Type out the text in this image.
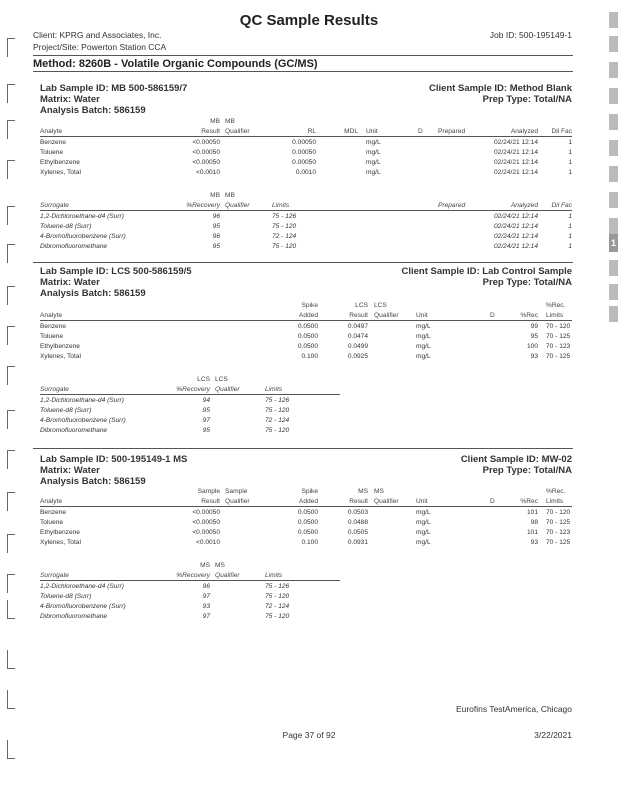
QC Sample Results
Client: KPRG and Associates, Inc.
Project/Site: Powerton Station CCA
Job ID: 500-195149-1
Method: 8260B - Volatile Organic Compounds (GC/MS)
1
Lab Sample ID: MB 500-586159/7
Matrix: Water
Analysis Batch: 586159
Client Sample ID: Method Blank
Prep Type: Total/NA
MB MB
Analyte	Result Qualifier	RL	MDL Unit	D Prepared	Analyzed	Dil Fac
Benzene	<0.00050	0.00050	mg/L	02/24/21 12:14	1
Toluene	<0.00050	0.00050	mg/L	02/24/21 12:14	1
Ethylbenzene	<0.00050	0.00050	mg/L	02/24/21 12:14	1
Xylenes, Total	<0.0010	0.0010	mg/L	02/24/21 12:14	1
MB MB
Surrogate	%Recovery Qualifier	Limits	Prepared	Analyzed	Dil Fac
1,2-Dichloroethane-d4 (Surr)	96	75 - 126	02/24/21 12:14	1
Toluene-d8 (Surr)	95	75 - 120	02/24/21 12:14	1
4-Bromofluorobenzene (Surr)	96	72 - 124	02/24/21 12:14	1
Dibromofluoromethane	95	75 - 120	02/24/21 12:14	1
Lab Sample ID: LCS 500-586159/5
Matrix: Water
Analysis Batch: 586159
Client Sample ID: Lab Control Sample
Prep Type: Total/NA
Spike	LCS LCS	%Rec.
Analyte	Added	Result Qualifier	Unit	D	%Rec Limits
Benzene	0.0500	0.0497	mg/L	99 70 - 120
Toluene	0.0500	0.0474	mg/L	95 70 - 125
Ethylbenzene	0.0500	0.0499	mg/L	100 70 - 123
Xylenes, Total	0.100	0.0925	mg/L	93 70 - 125
LCS LCS
Surrogate	%Recovery Qualifier	Limits
1,2-Dichloroethane-d4 (Surr)	94	75 - 126
Toluene-d8 (Surr)	95	75 - 120
4-Bromofluorobenzene (Surr)	97	72 - 124
Dibromofluoromethane	95	75 - 120
Lab Sample ID: 500-195149-1 MS
Matrix: Water
Analysis Batch: 586159
Client Sample ID: MW-02
Prep Type: Total/NA
Sample Sample	Spike	MS MS	%Rec.
Analyte	Result Qualifier	Added	Result Qualifier	Unit	D	%Rec Limits
Benzene	<0.00050	0.0500	0.0503	mg/L	101 70 - 120
Toluene	<0.00050	0.0500	0.0488	mg/L	98 70 - 125
Ethylbenzene	<0.00050	0.0500	0.0505	mg/L	101 70 - 123
Xylenes, Total	<0.0010	0.100	0.0931	mg/L	93 70 - 125
MS MS
Surrogate	%Recovery Qualifier	Limits
1,2-Dichloroethane-d4 (Surr)	96	75 - 126
Toluene-d8 (Surr)	97	75 - 120
4-Bromofluorobenzene (Surr)	93	72 - 124
Dibromofluoromethane	97	75 - 120
Eurofins TestAmerica, Chicago
Page 37 of 92	3/22/2021
